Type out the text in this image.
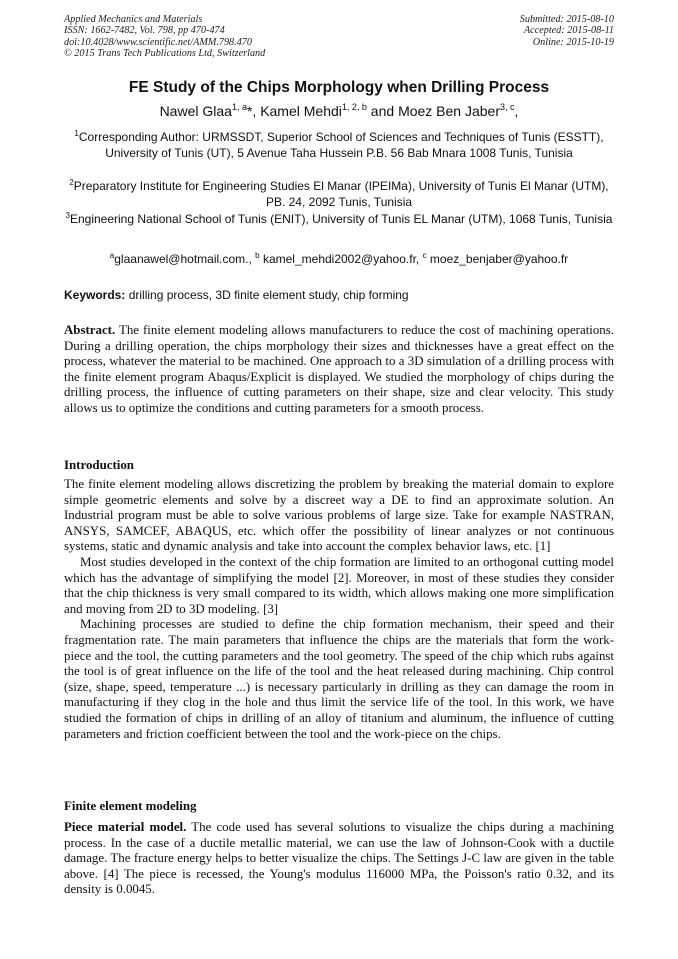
Applied Mechanics and Materials
ISSN: 1662-7482, Vol. 798, pp 470-474
doi:10.4028/www.scientific.net/AMM.798.470
© 2015 Trans Tech Publications Ltd, Switzerland
Submitted: 2015-08-10
Accepted: 2015-08-11
Online: 2015-10-19
FE Study of the Chips Morphology when Drilling Process
Nawel Glaa$^{1, a}$*, Kamel Mehdi$^{1, 2, b}$ and Moez Ben Jaber$^{3, c}$,
$^1$Corresponding Author: URMSSDT, Superior School of Sciences and Techniques of Tunis (ESSTT), University of Tunis (UT), 5 Avenue Taha Hussein P.B. 56 Bab Mnara 1008 Tunis, Tunisia
$^2$Preparatory Institute for Engineering Studies El Manar (IPEIMa), University of Tunis El Manar (UTM), PB. 24, 2092 Tunis, Tunisia
$^3$Engineering National School of Tunis (ENIT), University of Tunis EL Manar (UTM), 1068 Tunis, Tunisia
$^a$glaanawel@hotmail.com., $^b$ kamel_mehdi2002@yahoo.fr, $^c$ moez_benjaber@yahoo.fr
Keywords: drilling process, 3D finite element study, chip forming
Abstract. The finite element modeling allows manufacturers to reduce the cost of machining operations. During a drilling operation, the chips morphology their sizes and thicknesses have a great effect on the process, whatever the material to be machined. One approach to a 3D simulation of a drilling process with the finite element program Abaqus/Explicit is displayed. We studied the morphology of chips during the drilling process, the influence of cutting parameters on their shape, size and clear velocity. This study allows us to optimize the conditions and cutting parameters for a smooth process.
Introduction

The finite element modeling allows discretizing the problem by breaking the material domain to explore simple geometric elements and solve by a discreet way a DE to find an approximate solution. An Industrial program must be able to solve various problems of large size. Take for example NASTRAN, ANSYS, SAMCEF, ABAQUS, etc. which offer the possibility of linear analyzes or not continuous systems, static and dynamic analysis and take into account the complex behavior laws, etc. [1]

Most studies developed in the context of the chip formation are limited to an orthogonal cutting model which has the advantage of simplifying the model [2]. Moreover, in most of these studies they consider that the chip thickness is very small compared to its width, which allows making one more simplification and moving from 2D to 3D modeling. [3]

Machining processes are studied to define the chip formation mechanism, their speed and their fragmentation rate. The main parameters that influence the chips are the materials that form the work-piece and the tool, the cutting parameters and the tool geometry. The speed of the chip which rubs against the tool is of great influence on the life of the tool and the heat released during machining. Chip control (size, shape, speed, temperature ...) is necessary particularly in drilling as they can damage the room in manufacturing if they clog in the hole and thus limit the service life of the tool. In this work, we have studied the formation of chips in drilling of an alloy of titanium and aluminum, the influence of cutting parameters and friction coefficient between the tool and the work-piece on the chips.

Finite element modeling
Piece material model. The code used has several solutions to visualize the chips during a machining process. In the case of a ductile metallic material, we can use the law of Johnson-Cook with a ductile damage. The fracture energy helps to better visualize the chips. The Settings J-C law are given in the table above. [4] The piece is recessed, the Young's modulus 116000 MPa, the Poisson's ratio 0.32, and its density is 0.0045.
